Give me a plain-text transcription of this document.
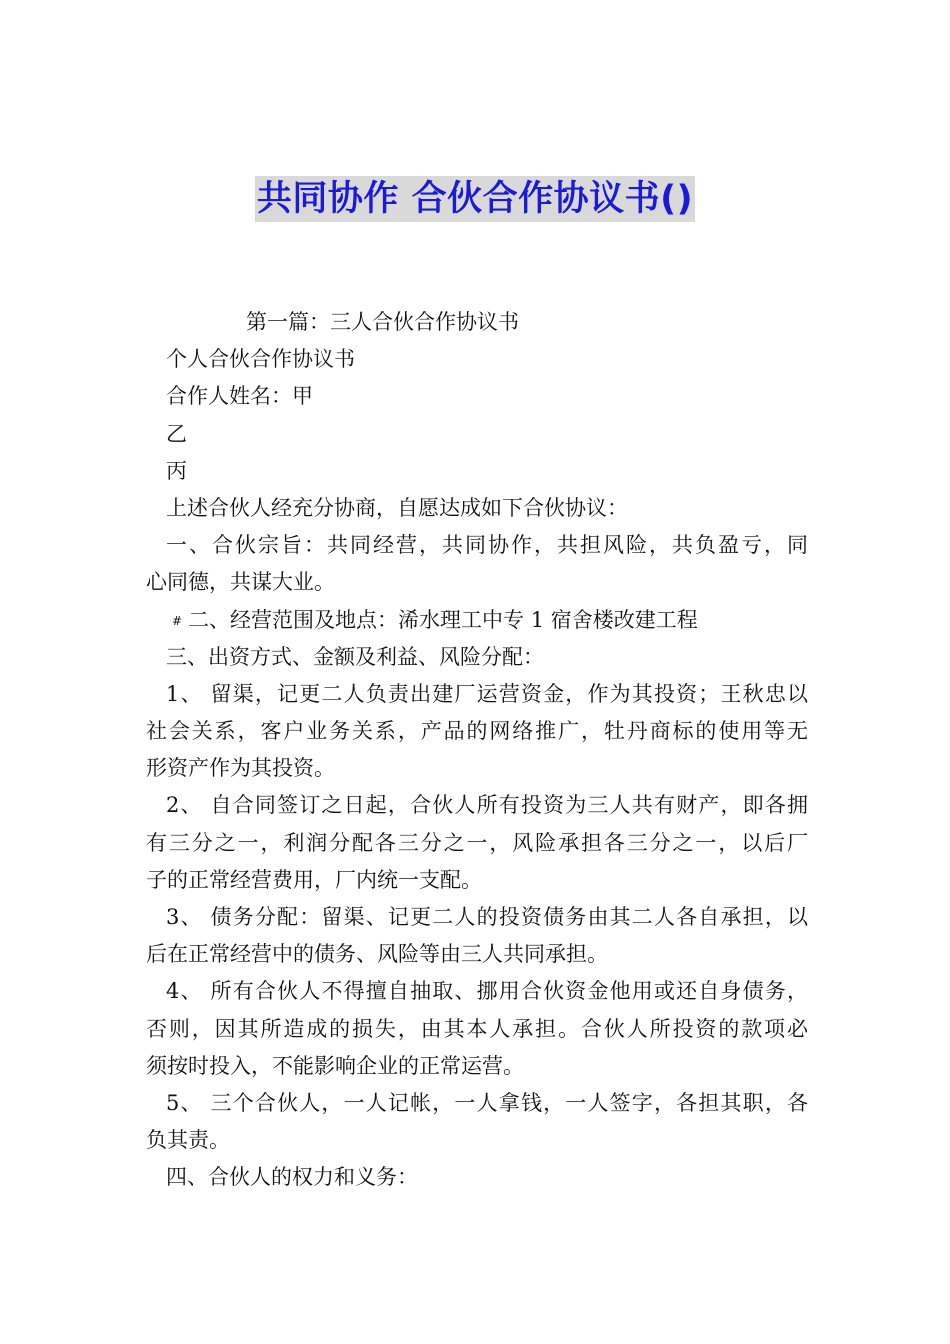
共同协作 合伙合作协议书()
第一篇：三人合伙合作协议书
个人合伙合作协议书
合作人姓名：甲
乙
丙
上述合伙人经充分协商，自愿达成如下合伙协议：
一、合伙宗旨：共同经营，共同协作，共担风险，共负盈亏，同
心同德，共谋大业。
# 二、经营范围及地点：浠水理工中专 1 宿舍楼改建工程
三、出资方式、金额及利益、风险分配：
1、 留渠，记更二人负责出建厂运营资金，作为其投资；王秋忠以
社会关系，客户业务关系，产品的网络推广，牡丹商标的使用等无
形资产作为其投资。
2、 自合同签订之日起，合伙人所有投资为三人共有财产，即各拥
有三分之一，利润分配各三分之一，风险承担各三分之一，以后厂
子的正常经营费用，厂内统一支配。
3、 债务分配：留渠、记更二人的投资债务由其二人各自承担，以
后在正常经营中的债务、风险等由三人共同承担。
4、 所有合伙人不得擅自抽取、挪用合伙资金他用或还自身债务，
否则，因其所造成的损失，由其本人承担。合伙人所投资的款项必
须按时投入，不能影响企业的正常运营。
5、 三个合伙人，一人记帐，一人拿钱，一人签字，各担其职，各
负其责。
四、合伙人的权力和义务：
